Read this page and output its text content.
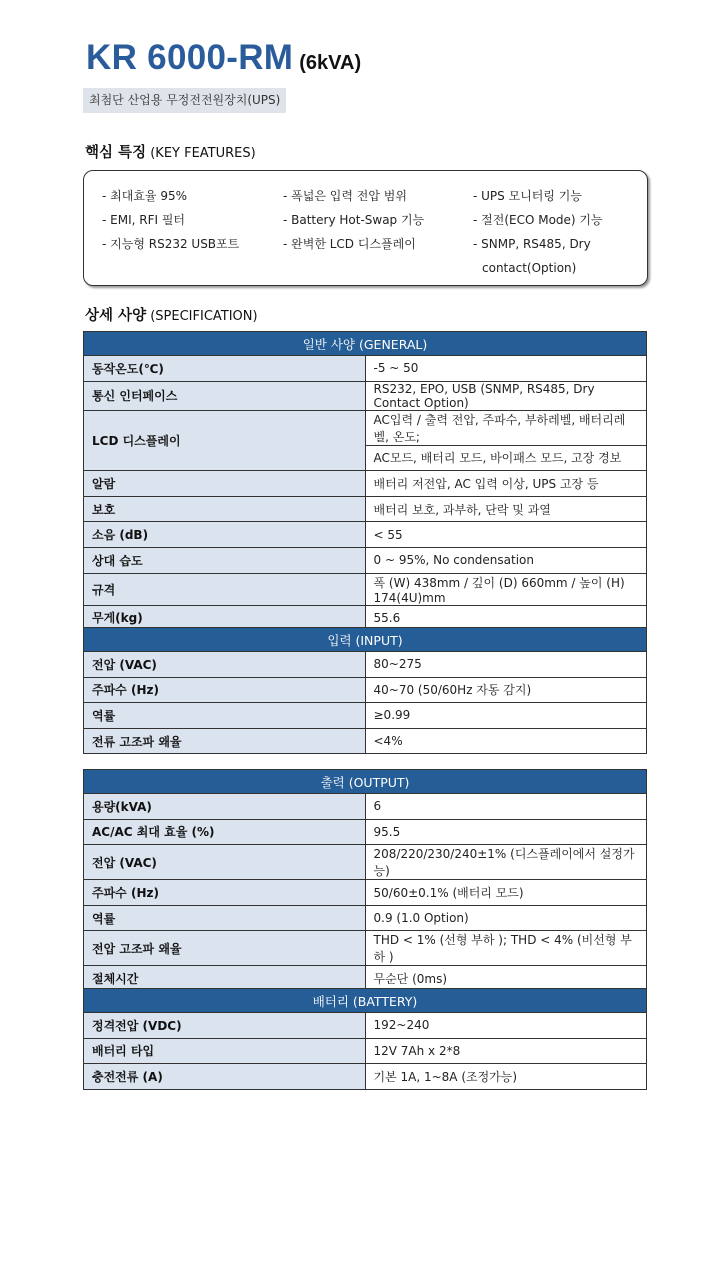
KR 6000-RM (6kVA)
최첨단 산업용 무정전전원장치(UPS)
핵심 특징 (KEY FEATURES)
- 최대효율 95%
- EMI, RFI 필터
- 지능형 RS232 USB포트
- 폭넓은 입력 전압 범위
- Battery Hot-Swap 기능
- 완벽한 LCD 디스플레이
- UPS 모니터링 기능
- 절전(ECO Mode) 기능
- SNMP, RS485, Dry
contact(Option)
상세 사양 (SPECIFICATION)
일반 사양 (GENERAL)	
동작온도(℃)	-5 ~ 50
통신 인터페이스	RS232, EPO, USB (SNMP, RS485, Dry Contact Option)
LCD 디스플레이	AC입력 / 출력 전압, 주파수, 부하레벨, 배터리레벨, 온도;
	AC모드, 배터리 모드, 바이패스 모드, 고장 경보
알람	배터리 저전압, AC 입력 이상, UPS 고장 등
보호	배터리 보호, 과부하, 단락 및 과열
소음 (dB)	< 55
상대 습도	0 ~ 95%, No condensation
규격	폭 (W) 438mm / 깊이 (D) 660mm / 높이 (H) 174(4U)mm
무게(kg)	55.6
입력 (INPUT)	
전압 (VAC)	80~275
주파수 (Hz)	40~70 (50/60Hz 자동 감지)
역률	≥0.99
전류 고조파 왜율	<4%
출력 (OUTPUT)	
용량(kVA)	6
AC/AC 최대 효율 (%)	95.5
전압 (VAC)	208/220/230/240±1% (디스플레이에서 설정가능)
주파수 (Hz)	50/60±0.1% (배터리 모드)
역률	0.9 (1.0 Option)
전압 고조파 왜율	THD < 1% (선형 부하 ); THD < 4% (비선형 부하 )
절체시간	무순단 (0ms)
배터리 (BATTERY)	
정격전압 (VDC)	192~240
배터리 타입	12V 7Ah x 2*8
충전전류 (A)	기본 1A, 1~8A (조정가능)
